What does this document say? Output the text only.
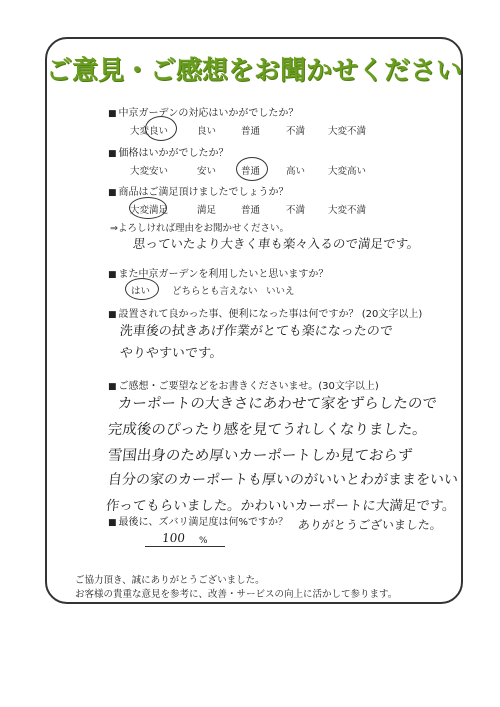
ご意見・ご感想をお聞かせください
■ 中京ガーデンの対応はいかがでしたか？
大変良い	良い	普通	不満 大変不満
■ 価格はいかがでしたか？
大変安い	安い	普通	高い 大変高い
■ 商品はご満足頂けましたでしょうか？
大変満足	満足	普通	不満 大変不満
⇒よろしければ理由をお聞かせください。
思っていたより大きく車も楽々入るので満足です。
■ また中京ガーデンを利用したいと思いますか？
はい どちらとも言えない いいえ
■ 設置されて良かった事、便利になった事は何ですか？ (20文字以上)
洗車後の拭きあげ作業がとても楽になったので
やりやすいです。
■ ご感想・ご要望などをお書きくださいませ。(30文字以上)
カーポートの大きさにあわせて家をずらしたので
完成後のぴったり感を見てうれしくなりました。
雪国出身のため厚いカーポートしか見ておらず
自分の家のカーポートも厚いのがいいとわがままをいい
作ってもらいました。かわいいカーポートに大満足です。
ありがとうございました。
■ 最後に、ズバリ満足度は何%ですか？
100 %
ご協力頂き、誠にありがとうございました。
お客様の貴重な意見を参考に、改善・サービスの向上に活かして参ります。
